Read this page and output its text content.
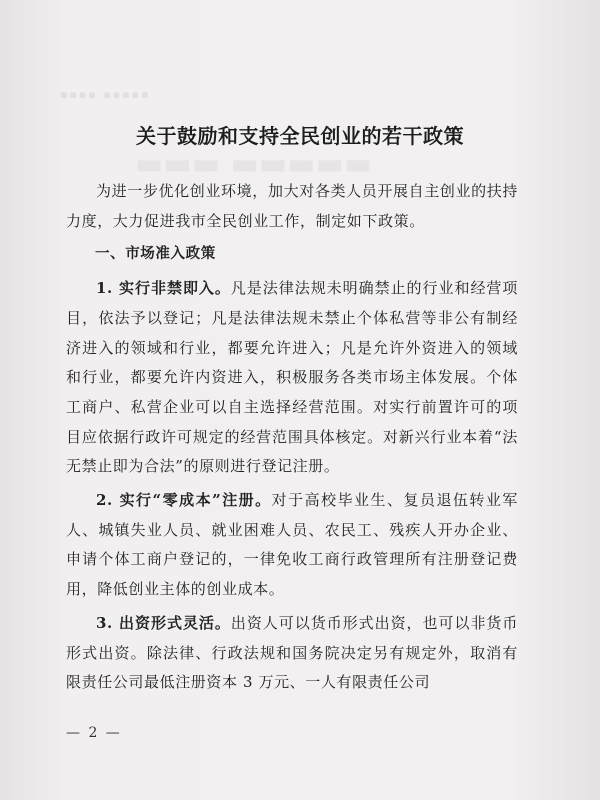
▪▪▪▪ ▪▪▪▪▪
▬▬▬ ▬▬▬▬▬
关于鼓励和支持全民创业的若干政策

为进一步优化创业环境，加大对各类人员开展自主创业的扶持力度，大力促进我市全民创业工作，制定如下政策。

一、市场准入政策

1. 实行非禁即入。凡是法律法规未明确禁止的行业和经营项目，依法予以登记；凡是法律法规未禁止个体私营等非公有制经济进入的领域和行业，都要允许进入；凡是允许外资进入的领域和行业，都要允许内资进入，积极服务各类市场主体发展。个体工商户、私营企业可以自主选择经营范围。对实行前置许可的项目应依据行政许可规定的经营范围具体核定。对新兴行业本着“法无禁止即为合法”的原则进行登记注册。

2. 实行“零成本”注册。对于高校毕业生、复员退伍转业军人、城镇失业人员、就业困难人员、农民工、残疾人开办企业、申请个体工商户登记的，一律免收工商行政管理所有注册登记费用，降低创业主体的创业成本。

3. 出资形式灵活。出资人可以货币形式出资，也可以非货币形式出资。除法律、行政法规和国务院决定另有规定外，取消有限责任公司最低注册资本 3 万元、一人有限责任公司

— 2 —
